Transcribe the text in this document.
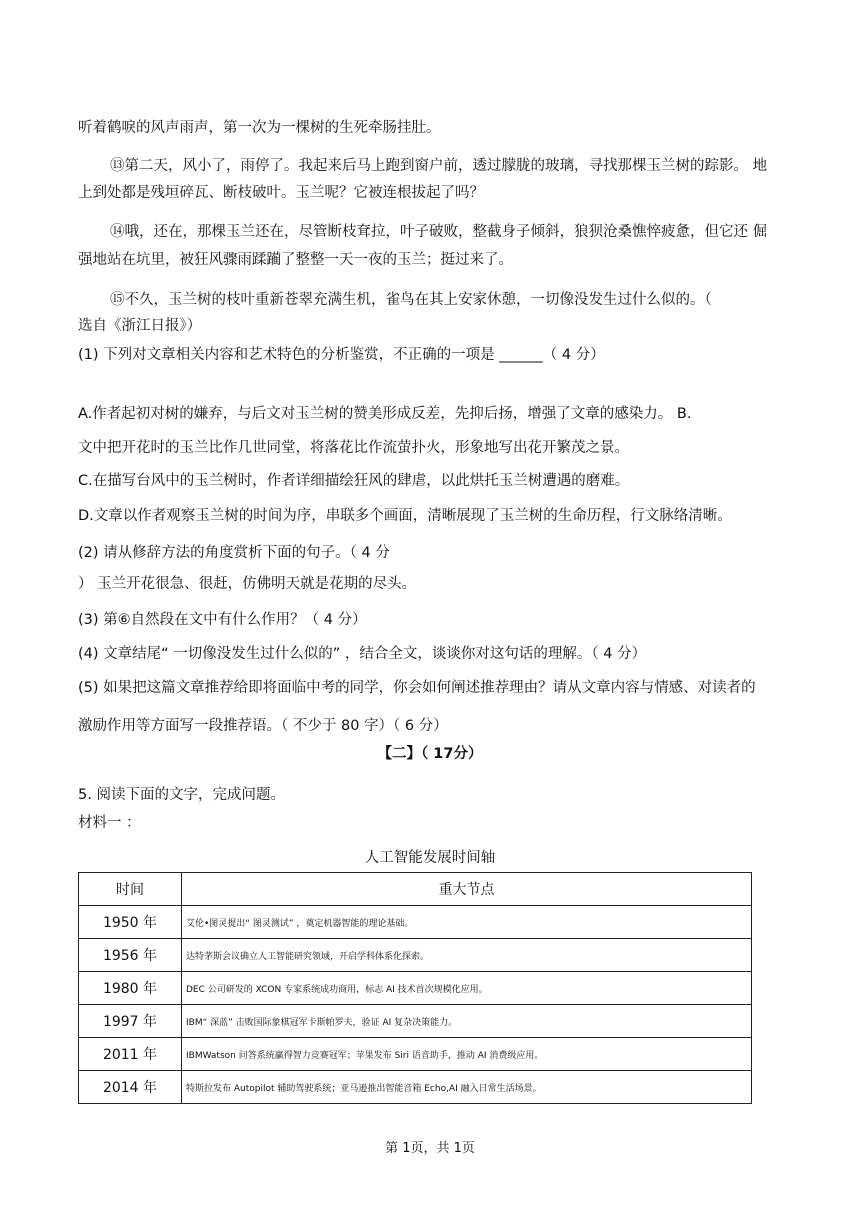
听着鹤唳的风声雨声，第一次为一棵树的生死牵肠挂肚。
⑬第二天，风小了，雨停了。我起来后马上跑到窗户前，透过朦胧的玻璃，寻找那棵玉兰树的踪影。 地
上到处都是残垣碎瓦、断枝破叶。玉兰呢？它被连根拔起了吗？
⑭哦，还在，那棵玉兰还在，尽管断枝耷拉，叶子破败，整截身子倾斜，狼狈沧桑憔悴疲惫，但它还 倔
强地站在坑里，被狂风骤雨蹂躏了整整一天一夜的玉兰；挺过来了。
⑮不久，玉兰树的枝叶重新苍翠充满生机，雀鸟在其上安家休憩，一切像没发生过什么似的。（
选自《浙江日报》）
(1) 下列对文章相关内容和艺术特色的分析鉴赏，不正确的一项是 ______（ 4 分）
A.作者起初对树的嫌弃，与后文对玉兰树的赞美形成反差，先抑后扬，增强了文章的感染力。 B.
文中把开花时的玉兰比作几世同堂，将落花比作流萤扑火，形象地写出花开繁茂之景。
C.在描写台风中的玉兰树时，作者详细描绘狂风的肆虐，以此烘托玉兰树遭遇的磨难。
D.文章以作者观察玉兰树的时间为序，串联多个画面，清晰展现了玉兰树的生命历程，行文脉络清晰。
(2) 请从修辞方法的角度赏析下面的句子。（ 4 分
） 玉兰开花很急、很赶，仿佛明天就是花期的尽头。
(3) 第⑥自然段在文中有什么作用？（ 4 分）
(4) 文章结尾“ 一切像没发生过什么似的” ，结合全文，谈谈你对这句话的理解。（ 4 分）
(5) 如果把这篇文章推荐给即将面临中考的同学，你会如何阐述推荐理由？请从文章内容与情感、对读者的
激励作用等方面写一段推荐语。（ 不少于 80 字）（ 6 分）
【二】（ 17分）
5. 阅读下面的文字，完成问题。
材料一 ：
人工智能发展时间轴
时间	重大节点
1950 年	艾伦•图灵提出“ 图灵测试” ，奠定机器智能的理论基础。
1956 年	达特茅斯会议确立人工智能研究领域，开启学科体系化探索。
1980 年	DEC 公司研发的 XCON 专家系统成功商用，标志 AI 技术首次规模化应用。
1997 年	IBM“ 深蓝” 击败国际象棋冠军卡斯帕罗夫，验证 AI 复杂决策能力。
2011 年	IBMWatson 问答系统赢得智力竞赛冠军；苹果发布 Siri 语音助手，推动 AI 消费级应用。
2014 年	特斯拉发布 Autopilot 辅助驾驶系统；亚马逊推出智能音箱 Echo,AI 融入日常生活场景。
第 1页，共 1页
